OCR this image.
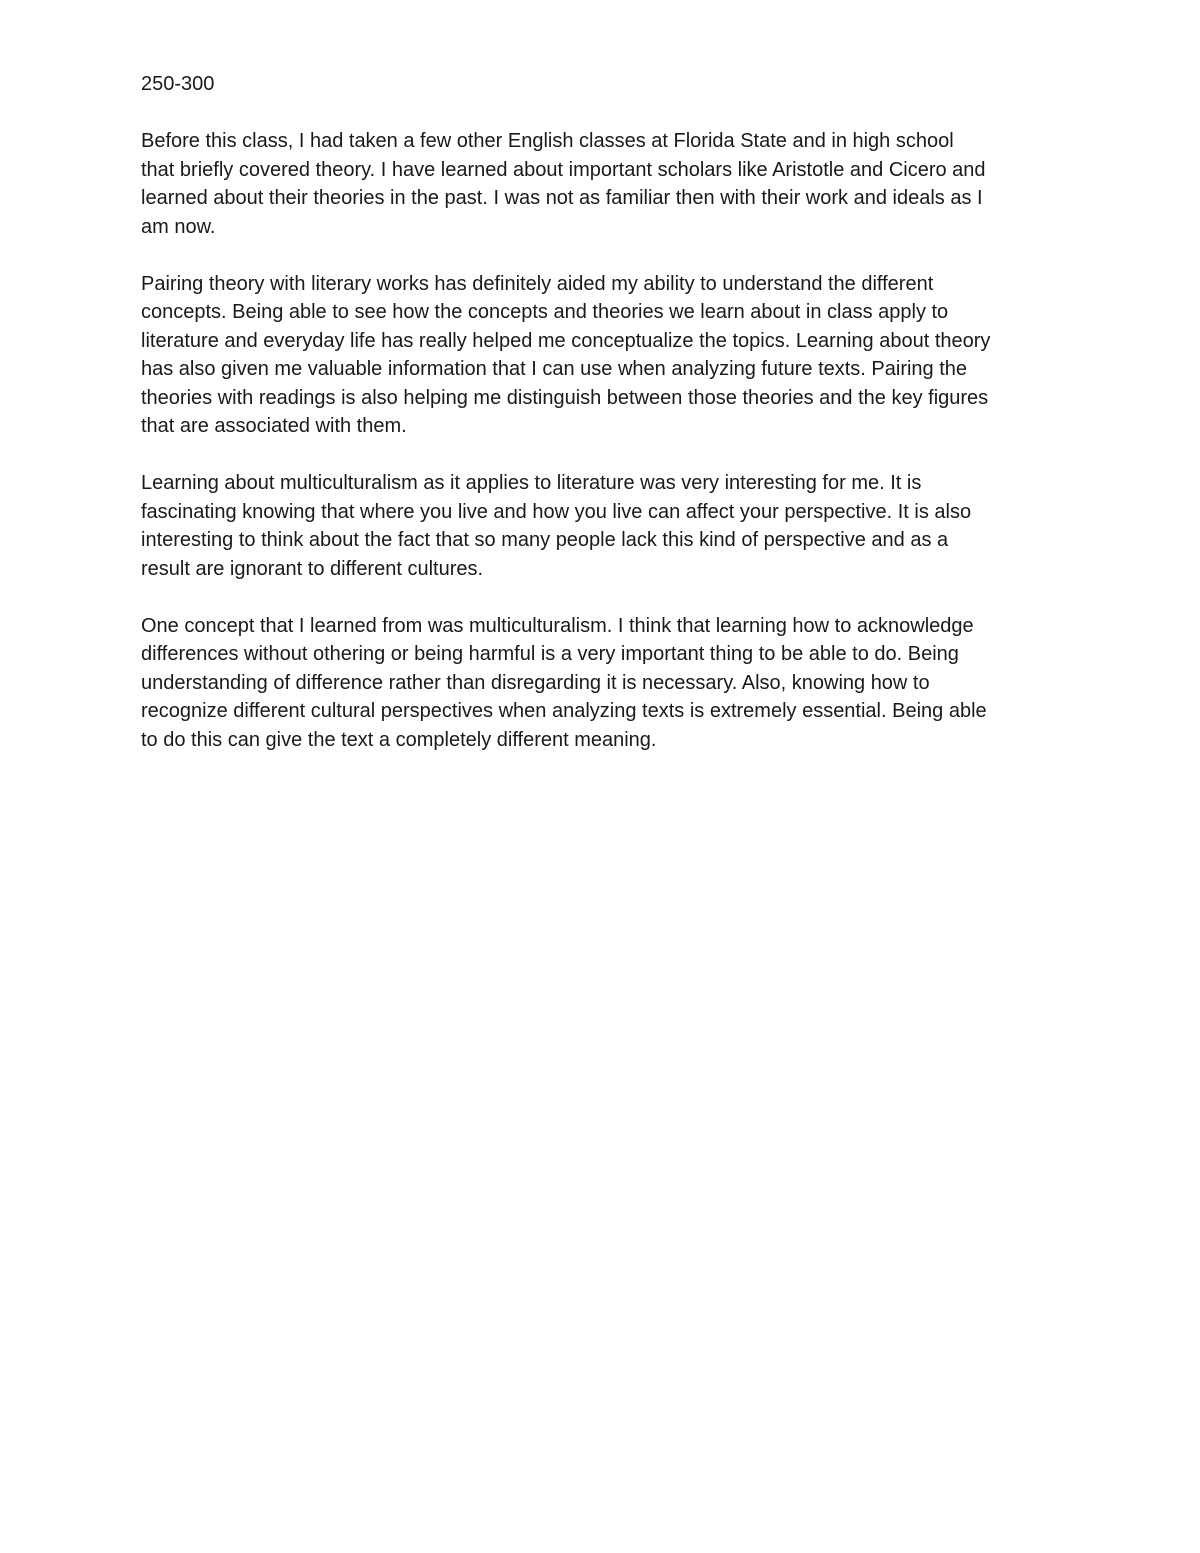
250-300

Before this class, I had taken a few other English classes at Florida State and in high school
that briefly covered theory. I have learned about important scholars like Aristotle and Cicero and
learned about their theories in the past. I was not as familiar then with their work and ideals as I
am now.

Pairing theory with literary works has definitely aided my ability to understand the different
concepts. Being able to see how the concepts and theories we learn about in class apply to
literature and everyday life has really helped me conceptualize the topics. Learning about theory
has also given me valuable information that I can use when analyzing future texts. Pairing the
theories with readings is also helping me distinguish between those theories and the key figures
that are associated with them.

Learning about multiculturalism as it applies to literature was very interesting for me. It is
fascinating knowing that where you live and how you live can affect your perspective. It is also
interesting to think about the fact that so many people lack this kind of perspective and as a
result are ignorant to different cultures.

One concept that I learned from was multiculturalism. I think that learning how to acknowledge
differences without othering or being harmful is a very important thing to be able to do. Being
understanding of difference rather than disregarding it is necessary. Also, knowing how to
recognize different cultural perspectives when analyzing texts is extremely essential. Being able
to do this can give the text a completely different meaning.
